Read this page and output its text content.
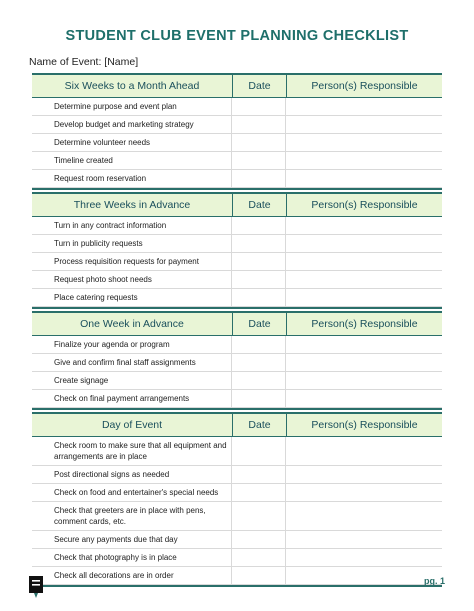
STUDENT CLUB EVENT PLANNING CHECKLIST
Name of Event: [Name]
Six Weeks to a Month Ahead	Date	Person(s) Responsible
Determine purpose and event plan
Develop budget and marketing strategy
Determine volunteer needs
Timeline created
Request room reservation
Three Weeks in Advance	Date	Person(s) Responsible
Turn in any contract information
Turn in publicity requests
Process requisition requests for payment
Request photo shoot needs
Place catering requests
One Week in Advance	Date	Person(s) Responsible
Finalize your agenda or program
Give and confirm final staff assignments
Create signage
Check on final payment arrangements
Day of Event	Date	Person(s) Responsible
Check room to make sure that all equipment and arrangements are in place
Post directional signs as needed
Check on food and entertainer's special needs
Check that greeters are in place with pens, comment cards, etc.
Secure any payments due that day
Check that photography is in place
Check all decorations are in order
pg. 1
